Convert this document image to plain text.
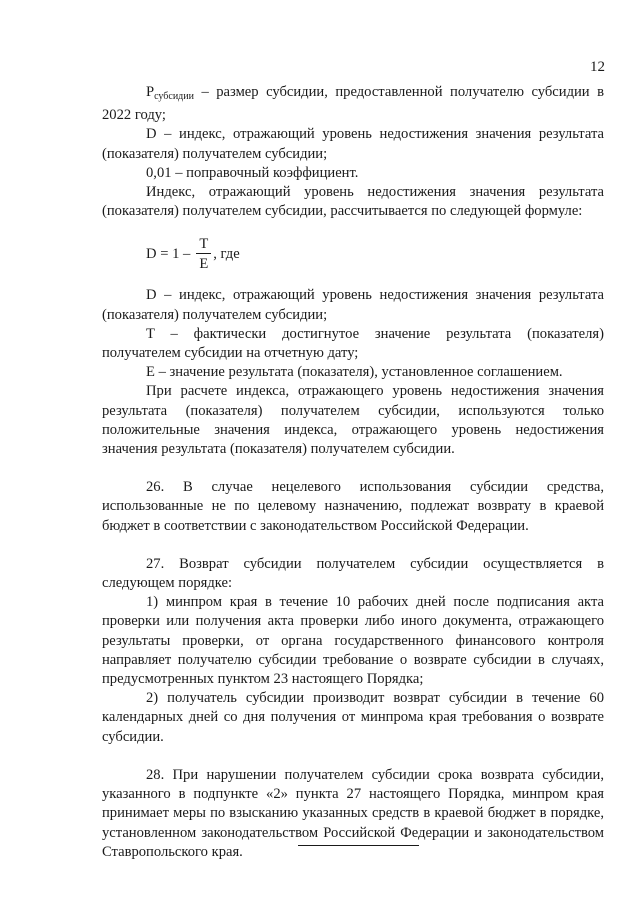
12

$P_{субсидии}$ – размер субсидии, предоставленной получателю субсидии в 2022 году;

D – индекс, отражающий уровень недостижения значения результата (показателя) получателем субсидии;

0,01 – поправочный коэффициент.

Индекс, отражающий уровень недостижения значения результата (показателя) получателем субсидии, рассчитывается по следующей формуле:

$D = 1 - \frac{T}{E}$ , где

D – индекс, отражающий уровень недостижения значения результата (показателя) получателем субсидии;

T – фактически достигнутое значение результата (показателя) получателем субсидии на отчетную дату;

E – значение результата (показателя), установленное соглашением.

При расчете индекса, отражающего уровень недостижения значения результата (показателя) получателем субсидии, используются только положительные значения индекса, отражающего уровень недостижения значения результата (показателя) получателем субсидии.

26. В случае нецелевого использования субсидии средства, использованные не по целевому назначению, подлежат возврату в краевой бюджет в соответствии с законодательством Российской Федерации.

27. Возврат субсидии получателем субсидии осуществляется в следующем порядке:

1) минпром края в течение 10 рабочих дней после подписания акта проверки или получения акта проверки либо иного документа, отражающего результаты проверки, от органа государственного финансового контроля направляет получателю субсидии требование о возврате субсидии в случаях, предусмотренных пунктом 23 настоящего Порядка;

2) получатель субсидии производит возврат субсидии в течение 60 календарных дней со дня получения от минпрома края требования о возврате субсидии.

28. При нарушении получателем субсидии срока возврата субсидии, указанного в подпункте «2» пункта 27 настоящего Порядка, минпром края принимает меры по взысканию указанных средств в краевой бюджет в порядке, установленном законодательством Российской Федерации и законодательством Ставропольского края.
